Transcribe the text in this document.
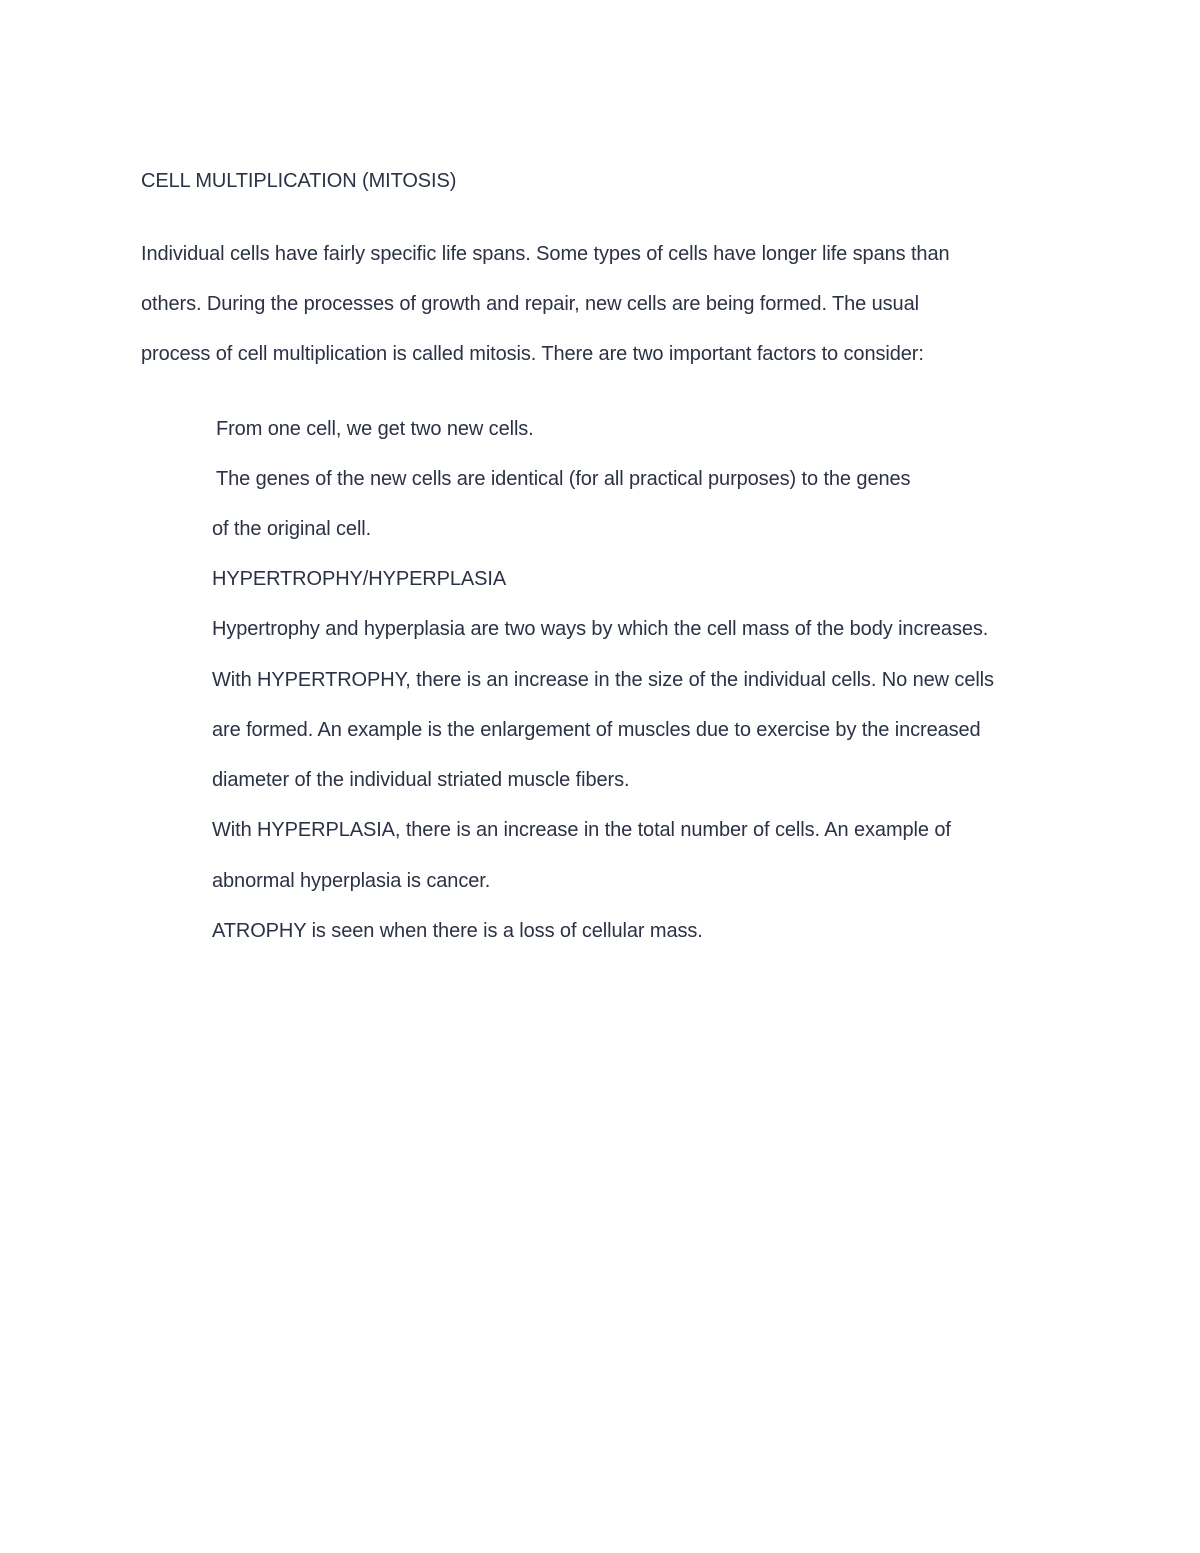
CELL MULTIPLICATION (MITOSIS)
Individual cells have fairly specific life spans. Some types of cells have longer life spans than
others. During the processes of growth and repair, new cells are being formed. The usual
process of cell multiplication is called mitosis. There are two important factors to consider:
From one cell, we get two new cells.
The genes of the new cells are identical (for all practical purposes) to the genes
of the original cell.
HYPERTROPHY/HYPERPLASIA
Hypertrophy and hyperplasia are two ways by which the cell mass of the body increases.
With HYPERTROPHY, there is an increase in the size of the individual cells. No new cells
are formed. An example is the enlargement of muscles due to exercise by the increased
diameter of the individual striated muscle fibers.
With HYPERPLASIA, there is an increase in the total number of cells. An example of
abnormal hyperplasia is cancer.
ATROPHY is seen when there is a loss of cellular mass.
